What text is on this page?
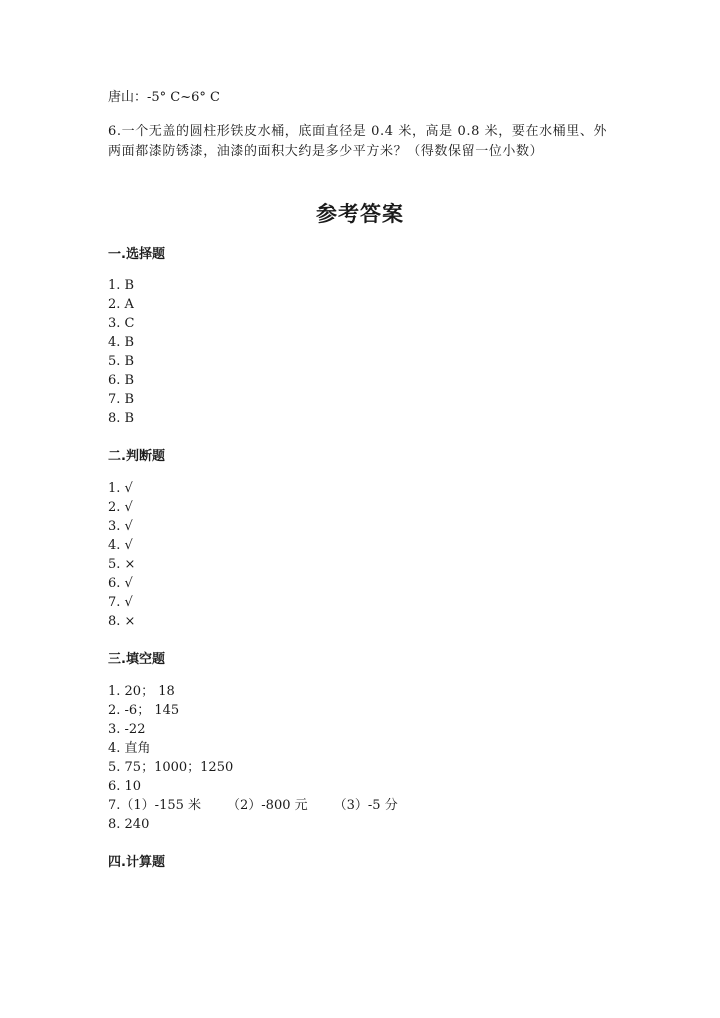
唐山：-5° C~6° C
6.一个无盖的圆柱形铁皮水桶，底面直径是 0.4 米，高是 0.8 米，要在水桶里、外两面都漆防锈漆，油漆的面积大约是多少平方米？（得数保留一位小数）
参考答案
一.选择题
1. B
2. A
3. C
4. B
5. B
6. B
7. B
8. B
二.判断题
1. √
2. √
3. √
4. √
5. ×
6. √
7. √
8. ×
三.填空题
1. 20； 18
2. -6； 145
3. -22
4. 直角
5. 75；1000；1250
6. 10
7.（1）-155 米 （2）-800 元 （3）-5 分
8. 240
四.计算题
